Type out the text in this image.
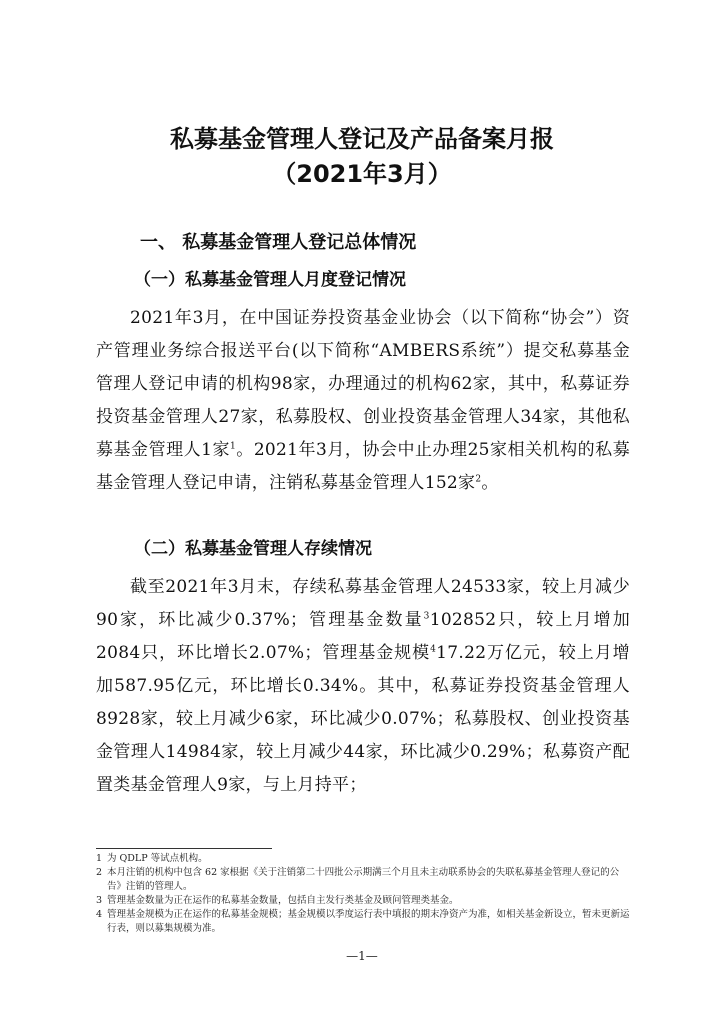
私募基金管理人登记及产品备案月报
（2021年3月）
一、 私募基金管理人登记总体情况
（一）私募基金管理人月度登记情况

2021年3月，在中国证券投资基金业协会（以下简称“协会”）资产管理业务综合报送平台(以下简称“AMBERS系统”）提交私募基金管理人登记申请的机构98家，办理通过的机构62家，其中，私募证券投资基金管理人27家，私募股权、创业投资基金管理人34家，其他私募基金管理人1家$^1$。2021年3月，协会中止办理25家相关机构的私募基金管理人登记申请，注销私募基金管理人152家$^2$。

（二）私募基金管理人存续情况

截至2021年3月末，存续私募基金管理人24533家，较上月减少90家，环比减少0.37%；管理基金数量$^3$102852只，较上月增加2084只，环比增长2.07%；管理基金规模$^4$17.22万亿元，较上月增加587.95亿元，环比增长0.34%。其中，私募证券投资基金管理人8928家，较上月减少6家，环比减少0.07%；私募股权、创业投资基金管理人14984家，较上月减少44家，环比减少0.29%；私募资产配置类基金管理人9家，与上月持平；

1 为 QDLP 等试点机构。

2 本月注销的机构中包含 62 家根据《关于注销第二十四批公示期满三个月且未主动联系协会的失联私募基金管理人登记的公告》注销的管理人。

3 管理基金数量为正在运作的私募基金数量，包括自主发行类基金及顾问管理类基金。

4 管理基金规模为正在运作的私募基金规模；基金规模以季度运行表中填报的期末净资产为准，如相关基金新设立，暂未更新运行表，则以募集规模为准。

—1—
